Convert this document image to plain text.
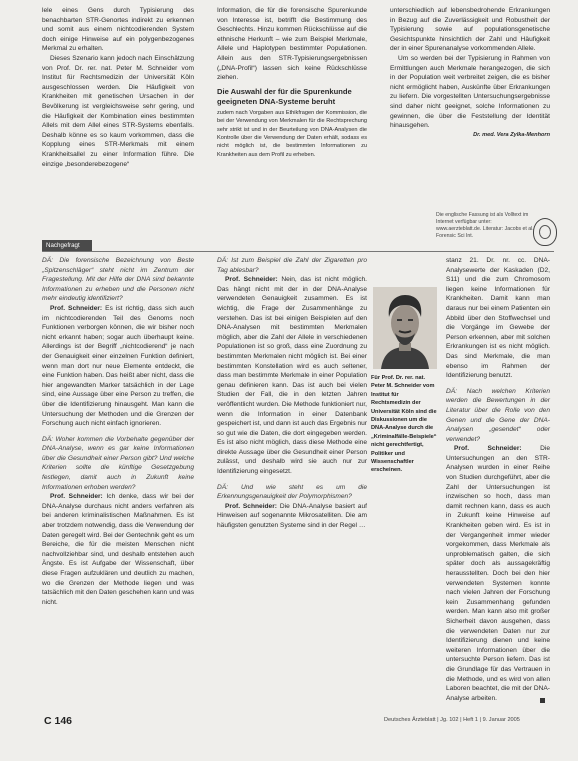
lele eines Gens durch Typisierung des benachbarten STR-Genortes indirekt zu erkennen und somit aus einem nichtcodierenden System doch einige Hinweise auf ein polygenbezogenes Merkmal zu erhalten.

Dieses Szenario kann jedoch nach Einschätzung von Prof. Dr. rer. nat. Peter M. Schneider vom Institut für Rechtsmedizin der Universität Köln ausgeschlossen werden. Die Häufigkeit von Krankheiten mit genetischen Ursachen in der Bevölkerung ist vergleichsweise sehr gering, und die Häufigkeit der Kombination eines bestimmten Allels mit dem Allel eines STR-Systems ebenfalls. Deshalb könne es so kaum vorkommen, dass die Kopplung eines STR-Merkmals mit einem Krankheitsallel zu einer Information führe. Die einzige „besonderebezogene“

Information, die für die forensische Spurenkunde von Interesse ist, betrifft die Bestimmung des Geschlechts. Hinzu kommen Rückschlüsse auf die ethnische Herkunft – wie zum Beispiel Merkmale, Allele und Haplotypen bestimmter Populationen. Allein aus den STR-Typisierungsergebnissen („DNA-Profil“) lassen sich keine Rückschlüsse ziehen.

Die Auswahl der für die Spurenkunde geeigneten DNA-Systeme beruht

zudem nach Vorgaben aus Ethikfragen der Kommission, die bei der Verwendung von Merkmalen für die Rechtsprechung sehr strikt ist und in der Beurteilung von DNA-Analysen die Kontrolle über die Verwendung der Daten erhält, sodass es nicht möglich ist, die bestimmten Informationen zu Krankheiten aus dem Profil zu erheben.

unterschiedlich auf lebensbedrohende Erkrankungen in Bezug auf die Zuverlässigkeit und Robustheit der Typisierung sowie auf populationsgenetische Gesichtspunkte hinsichtlich der Zahl und Häufigkeit der in einer Spurenanalyse vorkommenden Allele.

Um so werden bei der Typisierung in Rahmen von Ermittlungen auch Merkmale herangezogen, die sich in der Population weit verbreitet zeigen, die es bisher nicht ermöglicht haben, Auskünfte über Erkrankungen zu liefern. Die vorgestellten Untersuchungsergebnisse sind daher nicht geeignet, solche Informationen zu gewinnen, die über die Feststellung der Identität hinausgehen.

Dr. med. Vera Zylka-Menhorn

Die englische Fassung ist als Volltext im Internet verfügbar unter: www.aerzteblatt.de. Literatur: Jacobs et al. Forensic Sci Int.
Nachgefragt

DÄ: Die forensische Bezeichnung von Beste „Spitzenschläger“ steht nicht im Zentrum der Fragestellung. Mit der Hilfe der DNA sind bekannte Informationen zu erheben und die Personen nicht mehr eindeutig identifiziert?

Prof. Schneider: Es ist richtig, dass sich auch im nichtcodierenden Teil des Genoms noch Funktionen verborgen können, die wir bisher noch nicht erkannt haben; sogar auch überhaupt keine. Allerdings ist der Begriff „nichtcodierend“ je nach der Genauigkeit einer einzelnen Funktion definiert, wenn man dort nur neue Elemente entdeckt, die eine Funktion haben. Das heißt aber nicht, dass die hier angewandten Marker tatsächlich in der Lage sind, eine Aussage über eine Person zu treffen, die über die Identifizierung hinausgeht. Man kann die Untersuchung der Methoden und die Grenzen der Forschung auch nicht einfach ignorieren.

DÄ: Woher kommen die Vorbehalte gegenüber der DNA-Analyse, wenn es gar keine Informationen über die Gesundheit einer Person gibt? Und welche Kriterien sollte die künftige Gesetzgebung festlegen, damit auch in Zukunft keine Informationen erhoben werden?

Prof. Schneider: Ich denke, dass wir bei der DNA-Analyse durchaus nicht anders verfahren als bei anderen kriminalistischen Maßnahmen. Es ist aber trotzdem notwendig, dass die Verwendung der Daten geregelt wird. Bei der Gentechnik geht es um Bereiche, die für die meisten Menschen nicht nachvollziehbar sind, und deshalb entstehen auch Ängste. Es ist Aufgabe der Wissenschaft, über diese Fragen aufzuklären und deutlich zu machen, wo die Grenzen der Methode liegen und was tatsächlich mit den Daten geschehen kann und was nicht.

DÄ: Ist zum Beispiel die Zahl der Zigaretten pro Tag ablesbar?

Prof. Schneider: Nein, das ist nicht möglich. Das hängt nicht mit der in der DNA-Analyse verwendeten Genauigkeit zusammen. Es ist wichtig, die Frage der Zusammenhänge zu verstehen. Das ist bei einigen Beispielen auf den DNA-Analysen mit bestimmten Merkmalen möglich, aber die Zahl der Allele in verschiedenen Populationen ist so groß, dass eine Zuordnung zu bestimmten Merkmalen nicht möglich ist. Bei einer bestimmten Konstellation wird es auch seltener, dass man bestimmte Merkmale in einer Population genau definieren kann. Das ist auch bei vielen Studien der Fall, die in den letzten Jahren veröffentlicht wurden. Die Methode funktioniert nur, wenn die Information in einer Datenbank gespeichert ist, und dann ist auch das Ergebnis nur so gut wie die Daten, die dort eingegeben werden. Es ist also nicht möglich, dass diese Methode eine direkte Aussage über die Gesundheit einer Person zulässt, und deshalb wird sie auch nur zur Identifizierung eingesetzt.

DÄ: Und wie steht es um die Erkennungsgenauigkeit der Polymorphismen?

Prof. Schneider: Die DNA-Analyse basiert auf Hinweisen auf sogenannte Mikrosatelliten. Die am häufigsten genutzten Systeme sind in der Regel …

Für Prof. Dr. rer. nat. Peter M. Schneider vom Institut für Rechtsmedizin der Universität Köln sind die Diskussionen um die DNA-Analyse durch die „Kriminalfälle-Beispiele“ nicht gerechtfertigt, Politiker und Wissenschaftler erscheinen.

stanz 21. Dr. nr. cc. DNA-Analysewerte der Kaskaden (D2, S11) und die zum Chromosom liegen keine Informationen für Krankheiten. Damit kann man daraus nur bei einem Patienten ein Abbild über den Stoffwechsel und die Vorgänge im Gewebe der Person erkennen, aber mit solchen Erkrankungen ist es nicht möglich. Das sind Merkmale, die man ebenso im Rahmen der Identifizierung benutzt.

DÄ: Nach welchen Kriterien werden die Bewertungen in der Literatur über die Rolle von den Genen und die Gene der DNA-Analysen „gesendet“ oder verwendet?

Prof. Schneider:	Die Untersuchungen an den STR-Analysen wurden in einer Reihe von Studien durchgeführt, aber die Zahl der Untersuchungen ist inzwischen so hoch, dass man damit rechnen kann, dass es auch in Zukunft keine Hinweise auf Krankheiten geben wird. Es ist in der Vergangenheit immer wieder vorgekommen, dass Merkmale als unproblematisch galten, die sich später doch als aussagekräftig herausstellten. Doch bei den hier verwendeten Systemen konnte nach vielen Jahren der Forschung kein Zusammenhang gefunden werden. Man kann also mit großer Sicherheit davon ausgehen, dass die verwendeten Daten nur zur Identifizierung dienen und keine weiteren Informationen über die untersuchte Person liefern. Das ist die Grundlage für das Vertrauen in die Methode, und es wird von allen Laboren beachtet, die mit der DNA-Analyse arbeiten.

C 146	Deutsches Ärzteblatt | Jg. 102 | Heft 1 | 9. Januar 2005
